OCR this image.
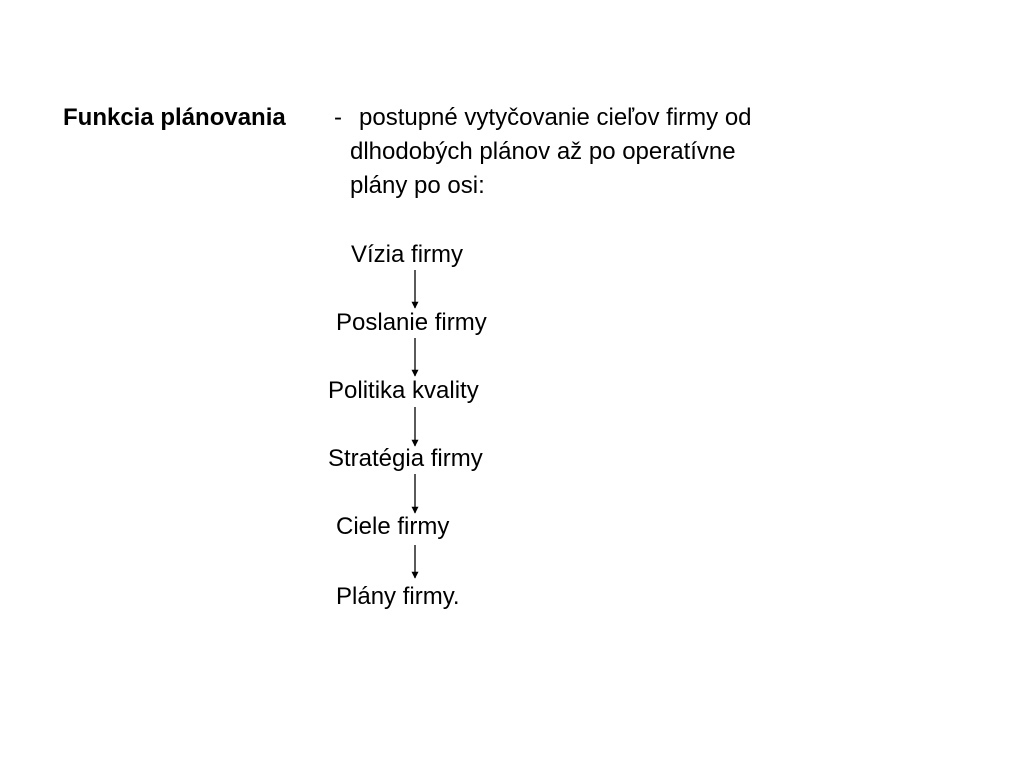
Funkcia plánovania - postupné vytyčovanie cieľov firmy od
dlhodobých plánov až po operatívne
plány po osi:
Vízia firmy
Poslanie firmy
Politika kvality
Stratégia firmy
Ciele firmy
Plány firmy.
